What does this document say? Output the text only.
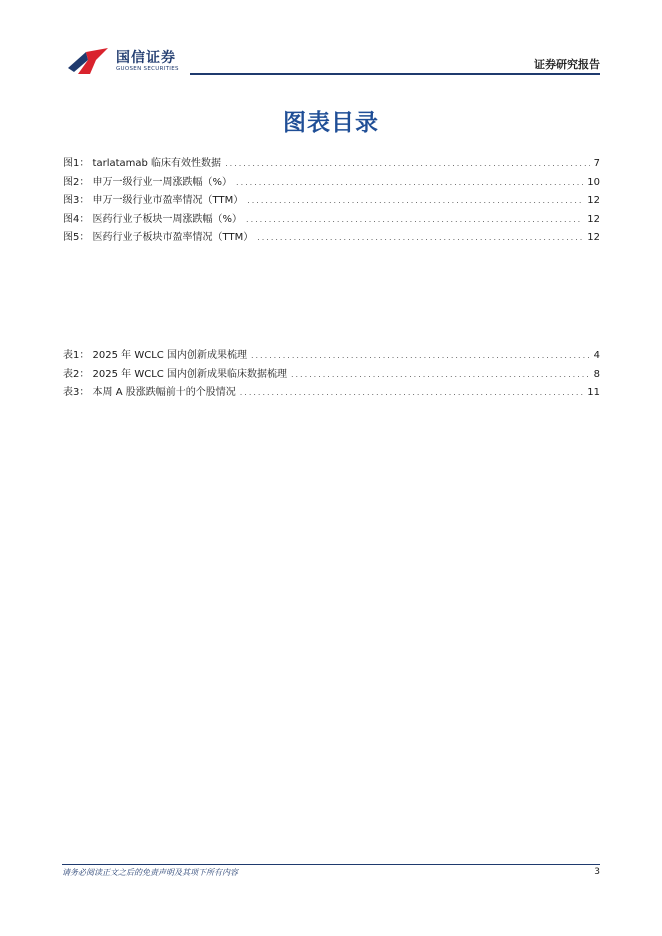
国信证券
GUOSEN SECURITIES	证券研究报告
图表目录
图1： tarlatamab 临床有效性数据 .....	7
图2： 申万一级行业一周涨跌幅（%） .....	10
图3： 申万一级行业市盈率情况（TTM） .....	12
图4： 医药行业子板块一周涨跌幅（%） .....	12
图5： 医药行业子板块市盈率情况（TTM） .....	12
表1： 2025 年 WCLC 国内创新成果梳理 .....	4
表2： 2025 年 WCLC 国内创新成果临床数据梳理 .....	8
表3： 本周 A 股涨跌幅前十的个股情况 .....	11
请务必阅读正文之后的免责声明及其项下所有内容	3
